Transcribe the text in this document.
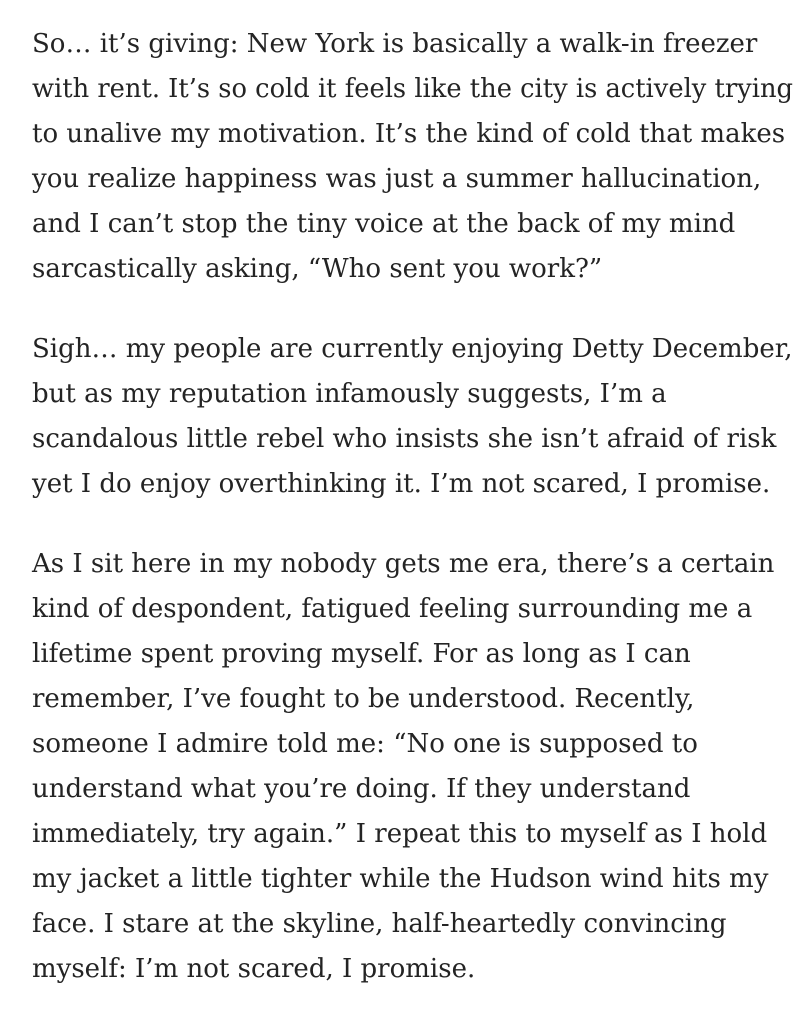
So… it’s giving: New York is basically a walk-in freezer
with rent. It’s so cold it feels like the city is actively trying
to unalive my motivation. It’s the kind of cold that makes
you realize happiness was just a summer hallucination,
and I can’t stop the tiny voice at the back of my mind
sarcastically asking, “Who sent you work?”

Sigh… my people are currently enjoying Detty December,
but as my reputation infamously suggests, I’m a
scandalous little rebel who insists she isn’t afraid of risk
yet I do enjoy overthinking it. I’m not scared, I promise.

As I sit here in my nobody gets me era, there’s a certain
kind of despondent, fatigued feeling surrounding me a
lifetime spent proving myself. For as long as I can
remember, I’ve fought to be understood. Recently,
someone I admire told me: “No one is supposed to
understand what you’re doing. If they understand
immediately, try again.” I repeat this to myself as I hold
my jacket a little tighter while the Hudson wind hits my
face. I stare at the skyline, half-heartedly convincing
myself: I’m not scared, I promise.
